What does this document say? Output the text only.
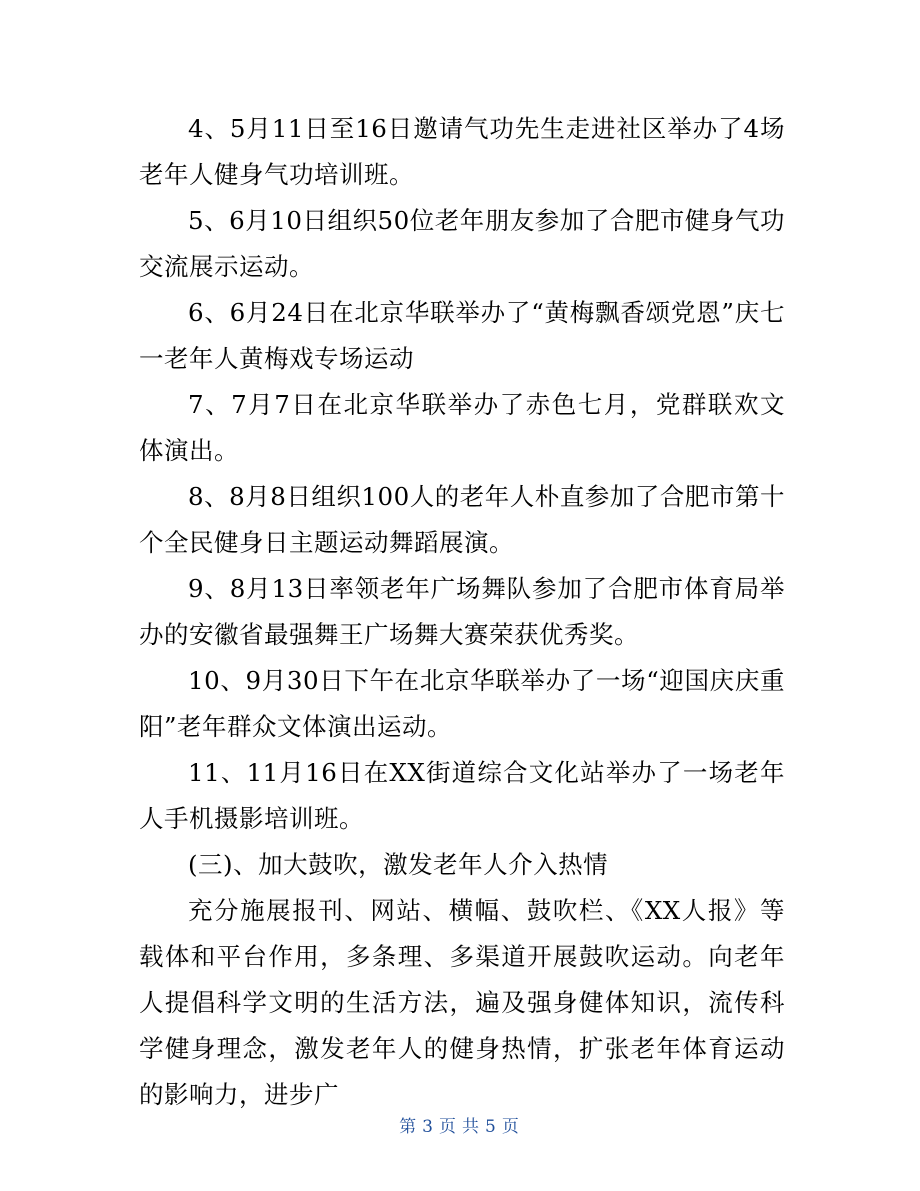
4、5月11日至16日邀请气功先生走进社区举办了4场老年人健身气功培训班。

5、6月10日组织50位老年朋友参加了合肥市健身气功交流展示运动。

6、6月24日在北京华联举办了“黄梅飘香颂党恩”庆七一老年人黄梅戏专场运动

7、7月7日在北京华联举办了赤色七月，党群联欢文体演出。

8、8月8日组织100人的老年人朴直参加了合肥市第十个全民健身日主题运动舞蹈展演。

9、8月13日率领老年广场舞队参加了合肥市体育局举办的安徽省最强舞王广场舞大赛荣获优秀奖。

10、9月30日下午在北京华联举办了一场“迎国庆庆重阳”老年群众文体演出运动。

11、11月16日在XX街道综合文化站举办了一场老年人手机摄影培训班。

(三)、加大鼓吹，激发老年人介入热情

充分施展报刊、网站、横幅、鼓吹栏、《XX人报》等载体和平台作用，多条理、多渠道开展鼓吹运动。向老年人提倡科学文明的生活方法，遍及强身健体知识，流传科学健身理念，激发老年人的健身热情，扩张老年体育运动的影响力，进步广

第 3 页 共 5 页
